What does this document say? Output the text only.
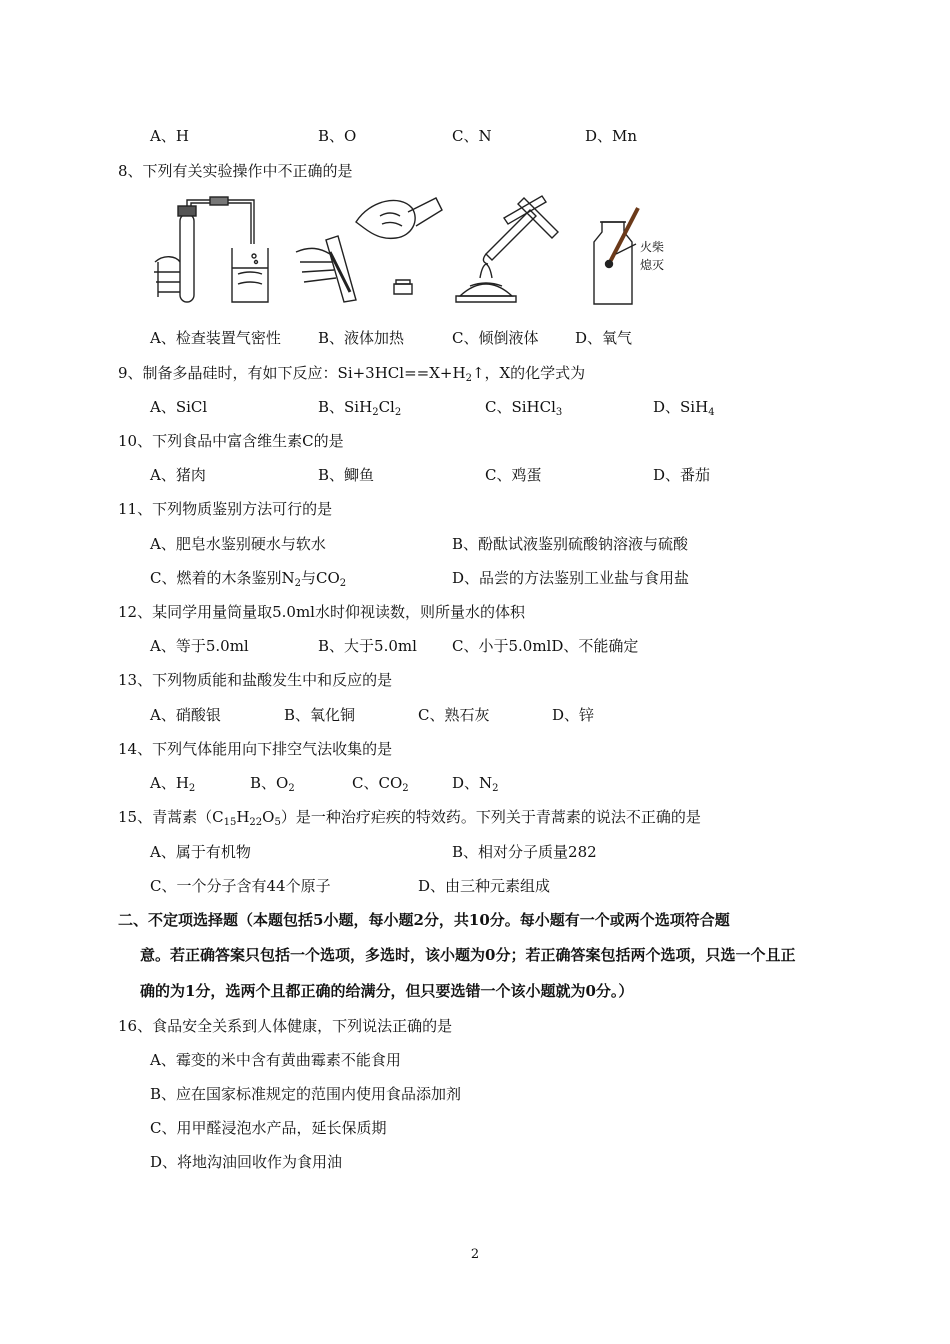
A、H	B、O	C、N	D、Mn
8、下列有关实验操作中不正确的是
火柴
熄灭
A、检查装置气密性 B、液体加热	C、倾倒液体 D、氧气
9、制备多晶硅时，有如下反应：$Si+3HCl==X+H_2↑$，X的化学式为
A、SiCl	B、$SiH_2Cl_2$	C、SiHCl$_3$	D、SiH$_4$
10、下列食品中富含维生素C的是
A、猪肉	B、鲫鱼	C、鸡蛋	D、番茄
11、下列物质鉴别方法可行的是
A、肥皂水鉴别硬水与软水	B、酚酞试液鉴别硫酸钠溶液与硫酸
C、燃着的木条鉴别$N_2$与$CO_2$	D、品尝的方法鉴别工业盐与食用盐
12、某同学用量筒量取5.0ml水时仰视读数，则所量水的体积
A、等于5.0ml	B、大于5.0ml C、小于5.0mlD、不能确定
13、下列物质能和盐酸发生中和反应的是
A、硝酸银	B、氧化铜	C、熟石灰	D、锌
14、下列气体能用向下排空气法收集的是
A、$H_2$	B、$O_2$	C、$CO_2$	D、$N_2$
15、青蒿素$(C_{15}H_{22}O_5)$是一种治疗疟疾的特效药。下列关于青蒿素的说法不正确的是
A、属于有机物	B、相对分子质量282
C、一个分子含有44个原子	D、由三种元素组成
二、不定项选择题（本题包括5小题，每小题2分，共10分。每小题有一个或两个选项符合题
意。若正确答案只包括一个选项，多选时，该小题为0分；若正确答案包括两个选项，只选一个且正
确的为1分，选两个且都正确的给满分，但只要选错一个该小题就为0分。）
16、食品安全关系到人体健康，下列说法正确的是
A、霉变的米中含有黄曲霉素不能食用
B、应在国家标准规定的范围内使用食品添加剂
C、用甲醛浸泡水产品，延长保质期
D、将地沟油回收作为食用油
2
